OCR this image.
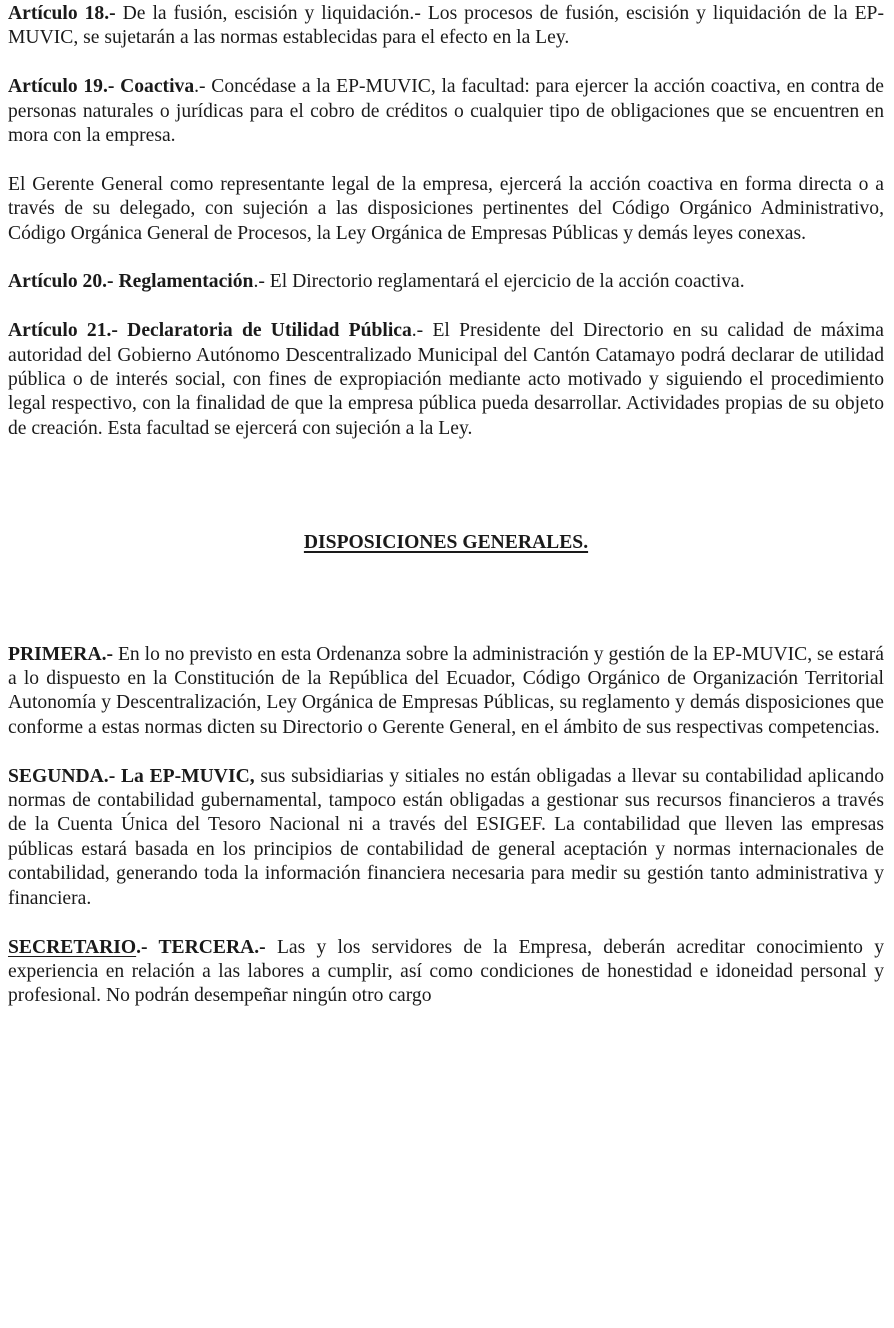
Artículo 18.- De la fusión, escisión y liquidación.- Los procesos de fusión, escisión y liquidación de la EP-MUVIC, se sujetarán a las normas establecidas para el efecto en la Ley.

Artículo 19.- Coactiva.- Concédase a la EP-MUVIC, la facultad: para ejercer la acción coactiva, en contra de personas naturales o jurídicas para el cobro de créditos o cualquier tipo de obligaciones que se encuentren en mora con la empresa.

El Gerente General como representante legal de la empresa, ejercerá la acción coactiva en forma directa o a través de su delegado, con sujeción a las disposiciones pertinentes del Código Orgánico Administrativo, Código Orgánica General de Procesos, la Ley Orgánica de Empresas Públicas y demás leyes conexas.

Artículo 20.- Reglamentación.- El Directorio reglamentará el ejercicio de la acción coactiva.

Artículo 21.- Declaratoria de Utilidad Pública.- El Presidente del Directorio en su calidad de máxima autoridad del Gobierno Autónomo Descentralizado Municipal del Cantón Catamayo podrá declarar de utilidad pública o de interés social, con fines de expropiación mediante acto motivado y siguiendo el procedimiento legal respectivo, con la finalidad de que la empresa pública pueda desarrollar. Actividades propias de su objeto de creación. Esta facultad se ejercerá con sujeción a la Ley.

DISPOSICIONES GENERALES.

PRIMERA.- En lo no previsto en esta Ordenanza sobre la administración y gestión de la EP-MUVIC, se estará a lo dispuesto en la Constitución de la República del Ecuador, Código Orgánico de Organización Territorial Autonomía y Descentralización, Ley Orgánica de Empresas Públicas, su reglamento y demás disposiciones que conforme a estas normas dicten su Directorio o Gerente General, en el ámbito de sus respectivas competencias.

SEGUNDA.- La EP-MUVIC, sus subsidiarias y sitiales no están obligadas a llevar su contabilidad aplicando normas de contabilidad gubernamental, tampoco están obligadas a gestionar sus recursos financieros a través de la Cuenta Única del Tesoro Nacional ni a través del ESIGEF. La contabilidad que lleven las empresas públicas estará basada en los principios de contabilidad de general aceptación y normas internacionales de contabilidad, generando toda la información financiera necesaria para medir su gestión tanto administrativa y financiera.

SECRETARIO.- TERCERA.- Las y los servidores de la Empresa, deberán acreditar conocimiento y experiencia en relación a las labores a cumplir, así como condiciones de honestidad e idoneidad personal y profesional. No podrán desempeñar ningún otro cargo
